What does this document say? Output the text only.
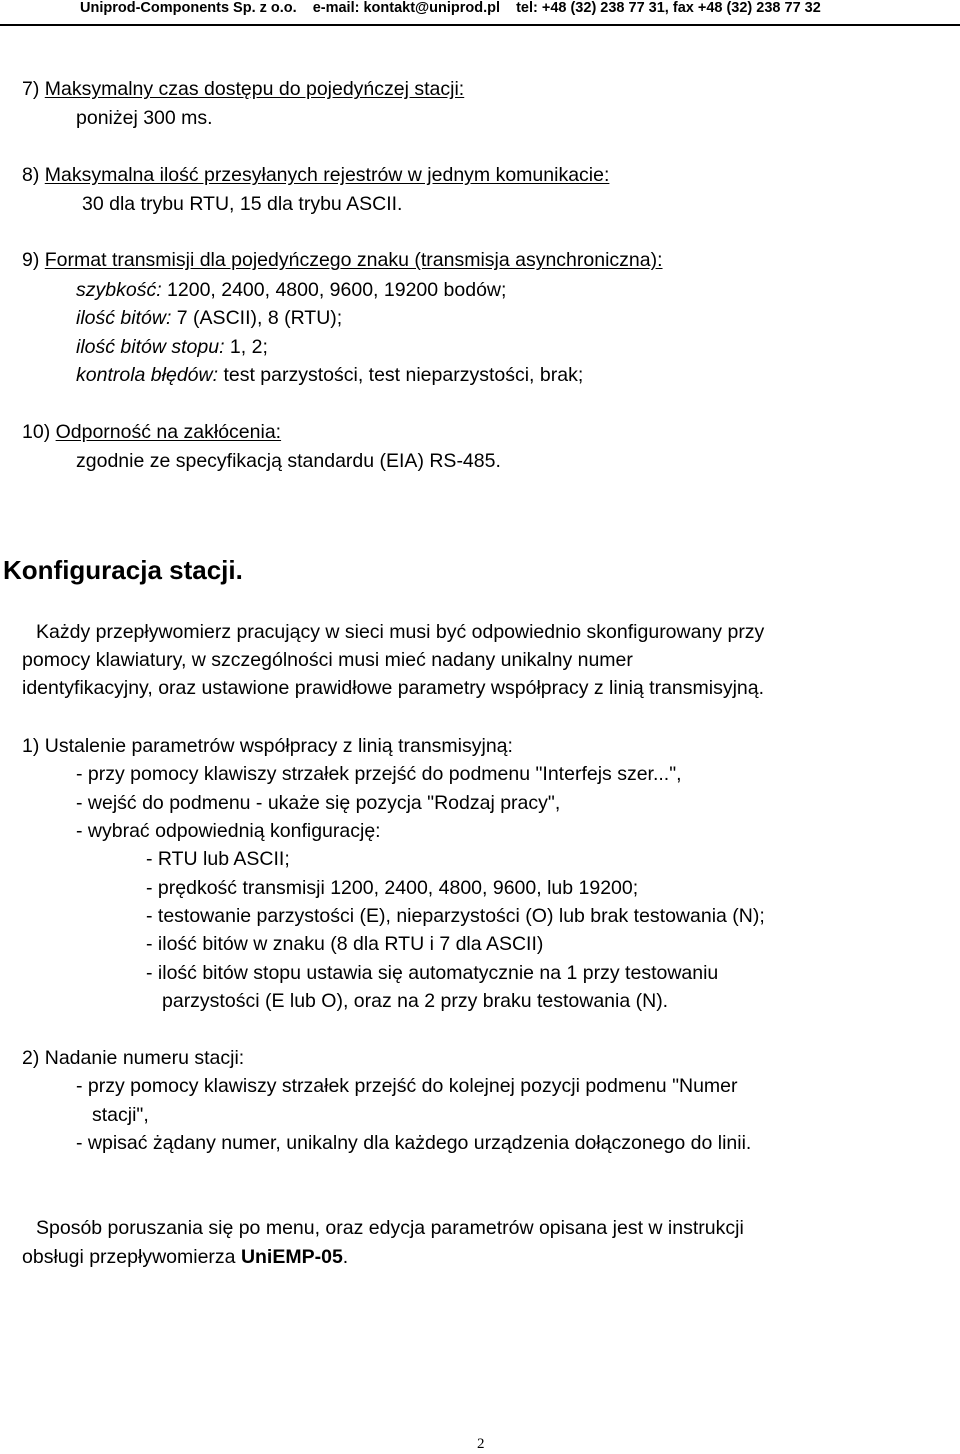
Uniprod-Components Sp. z o.o. e-mail: kontakt@uniprod.pl tel: +48 (32) 238 77 31, fax +48 (32) 238 77 32
7) Maksymalny czas dostępu do pojedyńczej stacji:
poniżej 300 ms.
8) Maksymalna ilość przesyłanych rejestrów w jednym komunikacie:
30 dla trybu RTU, 15 dla trybu ASCII.
9) Format transmisji dla pojedyńczego znaku (transmisja asynchroniczna):
szybkość: 1200, 2400, 4800, 9600, 19200 bodów;
ilość bitów: 7 (ASCII), 8 (RTU);
ilość bitów stopu: 1, 2;
kontrola błędów: test parzystości, test nieparzystości, brak;
10) Odporność na zakłócenia:
zgodnie ze specyfikacją standardu (EIA) RS-485.
Konfiguracja stacji.
Każdy przepływomierz pracujący w sieci musi być odpowiednio skonfigurowany przy
pomocy klawiatury, w szczególności musi mieć nadany unikalny numer
identyfikacyjny, oraz ustawione prawidłowe parametry współpracy z linią transmisyjną.
1) Ustalenie parametrów współpracy z linią transmisyjną:
- przy pomocy klawiszy strzałek przejść do podmenu "Interfejs szer...",
- wejść do podmenu - ukaże się pozycja "Rodzaj pracy",
- wybrać odpowiednią konfigurację:
- RTU lub ASCII;
- prędkość transmisji 1200, 2400, 4800, 9600, lub 19200;
- testowanie parzystości (E), nieparzystości (O) lub brak testowania (N);
- ilość bitów w znaku (8 dla RTU i 7 dla ASCII)
- ilość bitów stopu ustawia się automatycznie na 1 przy testowaniu
parzystości (E lub O), oraz na 2 przy braku testowania (N).
2) Nadanie numeru stacji:
- przy pomocy klawiszy strzałek przejść do kolejnej pozycji podmenu "Numer
stacji",
- wpisać żądany numer, unikalny dla każdego urządzenia dołączonego do linii.
Sposób poruszania się po menu, oraz edycja parametrów opisana jest w instrukcji
obsługi przepływomierza UniEMP-05.
2
